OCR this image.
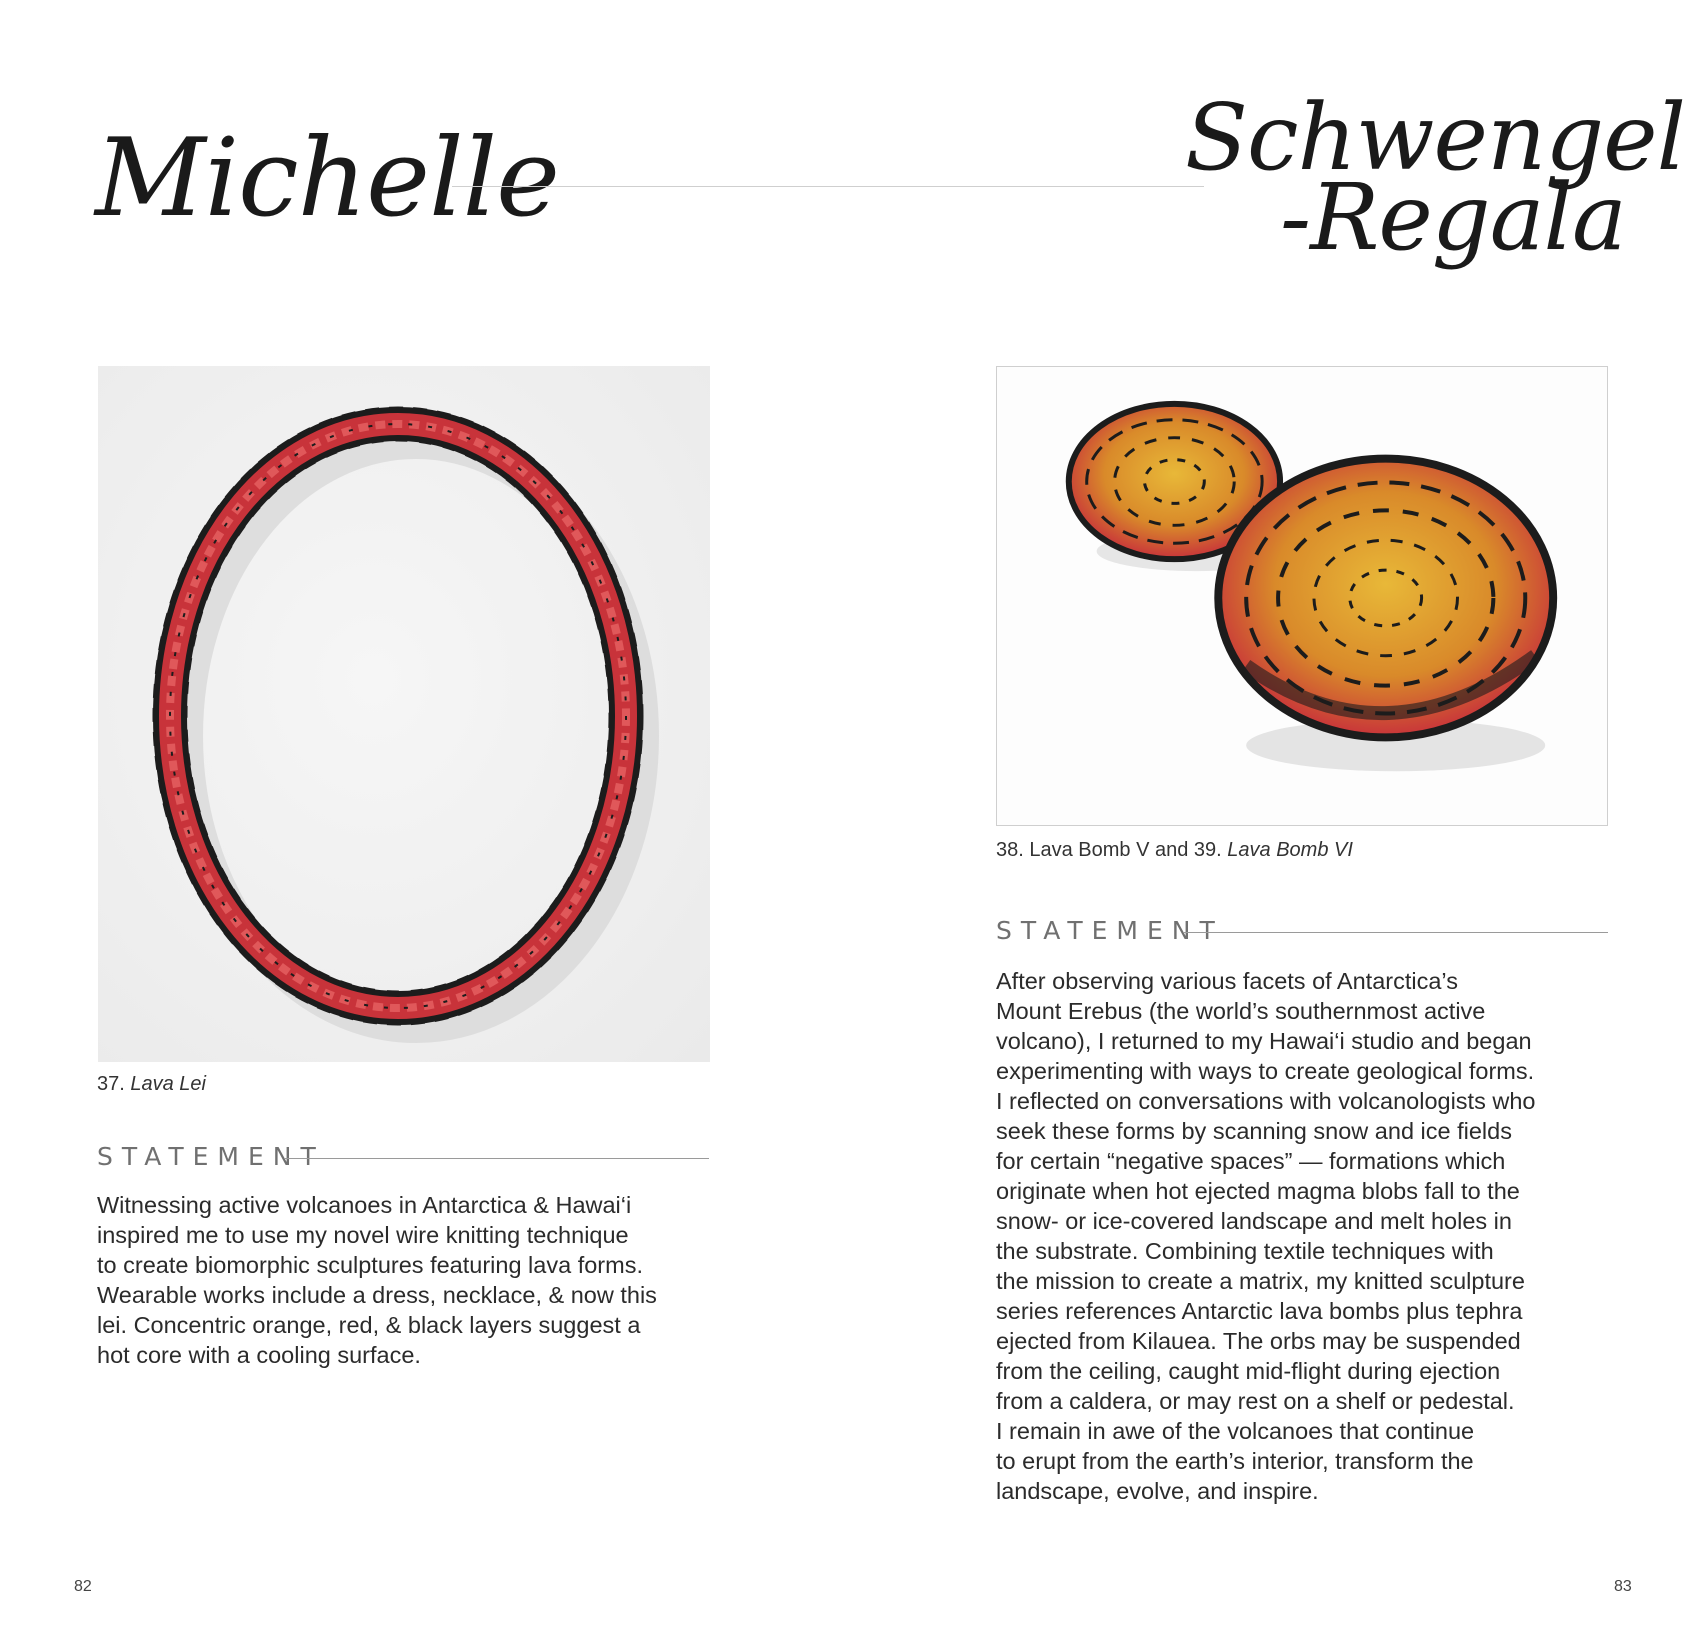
Michelle	Schwengel
-Regala
37. Lava Lei
38. Lava Bomb V and 39. Lava Bomb VI
STATEMENT

Witnessing active volcanoes in Antarctica & Hawai‘i
inspired me to use my novel wire knitting technique
to create biomorphic sculptures featuring lava forms.
Wearable works include a dress, necklace, & now this
lei. Concentric orange, red, & black layers suggest a
hot core with a cooling surface.

STATEMENT

After observing various facets of Antarctica’s
Mount Erebus (the world’s southernmost active
volcano), I returned to my Hawai‘i studio and began
experimenting with ways to create geological forms.
I reflected on conversations with volcanologists who
seek these forms by scanning snow and ice fields
for certain “negative spaces” — formations which
originate when hot ejected magma blobs fall to the
snow- or ice-covered landscape and melt holes in
the substrate. Combining textile techniques with
the mission to create a matrix, my knitted sculpture
series references Antarctic lava bombs plus tephra
ejected from Kilauea. The orbs may be suspended
from the ceiling, caught mid-flight during ejection
from a caldera, or may rest on a shelf or pedestal.
I remain in awe of the volcanoes that continue
to erupt from the earth’s interior, transform the
landscape, evolve, and inspire.

82	83
